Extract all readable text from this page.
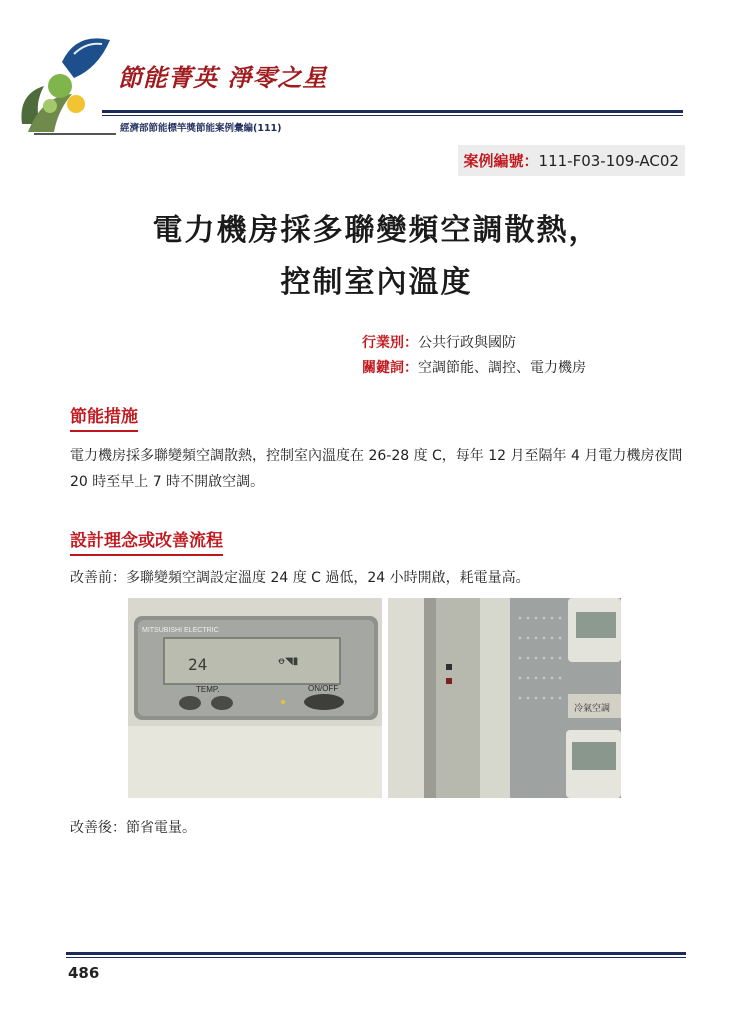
節能菁英 淨零之星
經濟部節能標竿獎節能案例彙編(111)
案例編號：111-F03-109-AC02
電力機房採多聯變頻空調散熱，
控制室內溫度
行業別：公共行政與國防
關鍵詞：空調節能、調控、電力機房
節能措施
電力機房採多聯變頻空調散熱，控制室內溫度在 26-28 度 C，每年 12 月至隔年 4 月電力機房夜間 20 時至早上 7 時不開啟空調。
設計理念或改善流程
改善前：多聯變頻空調設定溫度 24 度 C 過低，24 小時開啟，耗電量高。
MITSUBISHI ELECTRIC
24	ꝋ◥▮
TEMP.	ON/OFF
冷氣空調
改善後：節省電量。
486
